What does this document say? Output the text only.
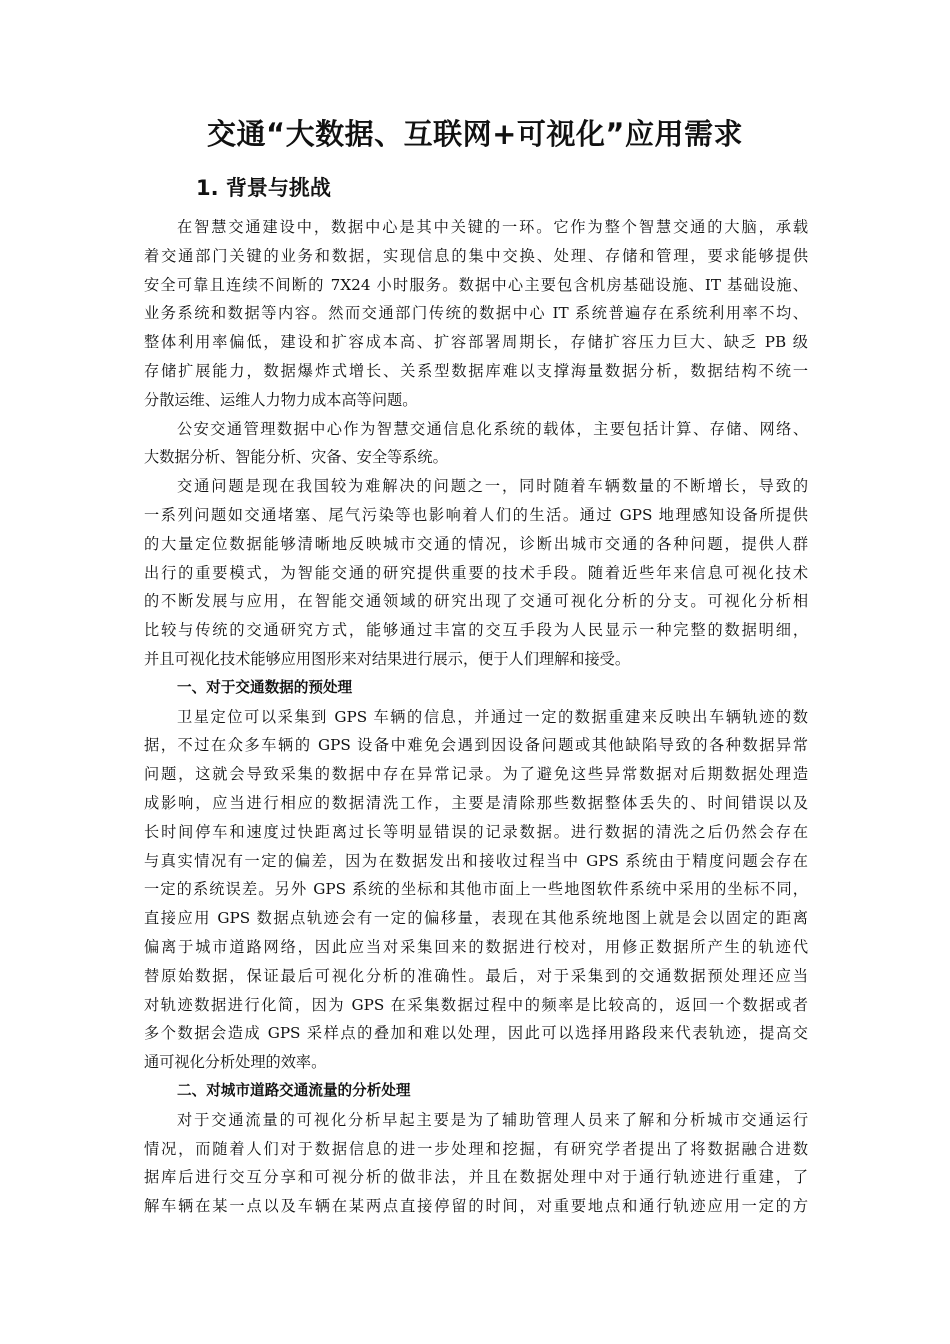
交通“大数据、互联网+可视化”应用需求
1. 背景与挑战
在智慧交通建设中，数据中心是其中关键的一环。它作为整个智慧交通的大脑，承载
着交通部门关键的业务和数据，实现信息的集中交换、处理、存储和管理，要求能够提供
安全可靠且连续不间断的 7X24 小时服务。数据中心主要包含机房基础设施、IT 基础设施、
业务系统和数据等内容。然而交通部门传统的数据中心 IT 系统普遍存在系统利用率不均、
整体利用率偏低，建设和扩容成本高、扩容部署周期长，存储扩容压力巨大、缺乏 PB 级
存储扩展能力，数据爆炸式增长、关系型数据库难以支撑海量数据分析，数据结构不统一
分散运维、运维人力物力成本高等问题。
公安交通管理数据中心作为智慧交通信息化系统的载体，主要包括计算、存储、网络、
大数据分析、智能分析、灾备、安全等系统。
交通问题是现在我国较为难解决的问题之一，同时随着车辆数量的不断增长，导致的
一系列问题如交通堵塞、尾气污染等也影响着人们的生活。通过 GPS 地理感知设备所提供
的大量定位数据能够清晰地反映城市交通的情况，诊断出城市交通的各种问题，提供人群
出行的重要模式，为智能交通的研究提供重要的技术手段。随着近些年来信息可视化技术
的不断发展与应用，在智能交通领域的研究出现了交通可视化分析的分支。可视化分析相
比较与传统的交通研究方式，能够通过丰富的交互手段为人民显示一种完整的数据明细，
并且可视化技术能够应用图形来对结果进行展示，便于人们理解和接受。
一、对于交通数据的预处理
卫星定位可以采集到 GPS 车辆的信息，并通过一定的数据重建来反映出车辆轨迹的数
据，不过在众多车辆的 GPS 设备中难免会遇到因设备问题或其他缺陷导致的各种数据异常
问题，这就会导致采集的数据中存在异常记录。为了避免这些异常数据对后期数据处理造
成影响，应当进行相应的数据清洗工作，主要是清除那些数据整体丢失的、时间错误以及
长时间停车和速度过快距离过长等明显错误的记录数据。进行数据的清洗之后仍然会存在
与真实情况有一定的偏差，因为在数据发出和接收过程当中 GPS 系统由于精度问题会存在
一定的系统误差。另外 GPS 系统的坐标和其他市面上一些地图软件系统中采用的坐标不同，
直接应用 GPS 数据点轨迹会有一定的偏移量，表现在其他系统地图上就是会以固定的距离
偏离于城市道路网络，因此应当对采集回来的数据进行校对，用修正数据所产生的轨迹代
替原始数据，保证最后可视化分析的准确性。最后，对于采集到的交通数据预处理还应当
对轨迹数据进行化简，因为 GPS 在采集数据过程中的频率是比较高的，返回一个数据或者
多个数据会造成 GPS 采样点的叠加和难以处理，因此可以选择用路段来代表轨迹，提高交
通可视化分析处理的效率。
二、对城市道路交通流量的分析处理
对于交通流量的可视化分析早起主要是为了辅助管理人员来了解和分析城市交通运行
情况，而随着人们对于数据信息的进一步处理和挖掘，有研究学者提出了将数据融合进数
据库后进行交互分享和可视分析的做非法，并且在数据处理中对于通行轨迹进行重建，了
解车辆在某一点以及车辆在某两点直接停留的时间，对重要地点和通行轨迹应用一定的方
